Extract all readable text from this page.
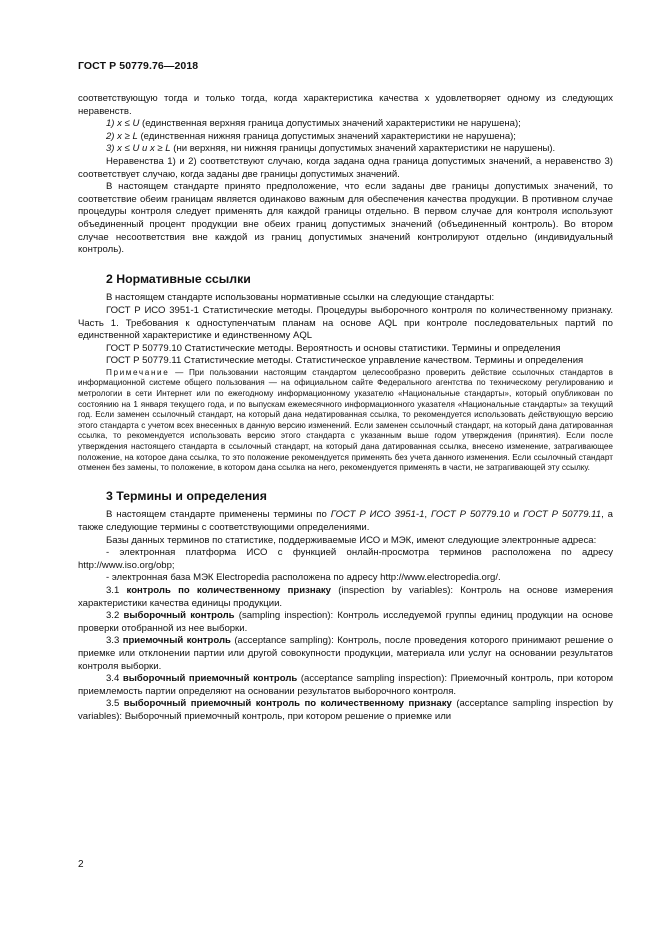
ГОСТ Р 50779.76—2018

соответствующую тогда и только тогда, когда характеристика качества x удовлетворяет одному из следующих неравенств.

1) x ≤ U (единственная верхняя граница допустимых значений характеристики не нарушена);

2) x ≥ L (единственная нижняя граница допустимых значений характеристики не нарушена);

3) x ≤ U и x ≥ L (ни верхняя, ни нижняя границы допустимых значений характеристики не нарушены).

Неравенства 1) и 2) соответствуют случаю, когда задана одна граница допустимых значений, а неравенство 3) соответствует случаю, когда заданы две границы допустимых значений.

В настоящем стандарте принято предположение, что если заданы две границы допустимых значений, то соответствие обеим границам является одинаково важным для обеспечения качества продукции. В противном случае процедуры контроля следует применять для каждой границы отдельно. В первом случае для контроля используют объединенный процент продукции вне обеих границ допустимых значений (объединенный контроль). Во втором случае несоответствия вне каждой из границ допустимых значений контролируют отдельно (индивидуальный контроль).

2 Нормативные ссылки

В настоящем стандарте использованы нормативные ссылки на следующие стандарты:

ГОСТ Р ИСО 3951-1 Статистические методы. Процедуры выборочного контроля по количественному признаку. Часть 1. Требования к одноступенчатым планам на основе AQL при контроле последовательных партий по единственной характеристике и единственному AQL

ГОСТ Р 50779.10 Статистические методы. Вероятность и основы статистики. Термины и определения

ГОСТ Р 50779.11 Статистические методы. Статистическое управление качеством. Термины и определения

Примечание — При пользовании настоящим стандартом целесообразно проверить действие ссылочных стандартов в информационной системе общего пользования — на официальном сайте Федерального агентства по техническому регулированию и метрологии в сети Интернет или по ежегодному информационному указателю «Национальные стандарты», который опубликован по состоянию на 1 января текущего года, и по выпускам ежемесячного информационного указателя «Национальные стандарты» за текущий год. Если заменен ссылочный стандарт, на который дана недатированная ссылка, то рекомендуется использовать действующую версию этого стандарта с учетом всех внесенных в данную версию изменений. Если заменен ссылочный стандарт, на который дана датированная ссылка, то рекомендуется использовать версию этого стандарта с указанным выше годом утверждения (принятия). Если после утверждения настоящего стандарта в ссылочный стандарт, на который дана датированная ссылка, внесено изменение, затрагивающее положение, на которое дана ссылка, то это положение рекомендуется применять без учета данного изменения. Если ссылочный стандарт отменен без замены, то положение, в котором дана ссылка на него, рекомендуется применять в части, не затрагивающей эту ссылку.

3 Термины и определения

В настоящем стандарте применены термины по ГОСТ Р ИСО 3951-1, ГОСТ Р 50779.10 и ГОСТ Р 50779.11, а также следующие термины с соответствующими определениями.

Базы данных терминов по статистике, поддерживаемые ИСО и МЭК, имеют следующие электронные адреса:

- электронная платформа ИСО с функцией онлайн-просмотра терминов расположена по адресу http://www.iso.org/obp;

- электронная база МЭК Electropedia расположена по адресу http://www.electropedia.org/.

3.1 контроль по количественному признаку (inspection by variables): Контроль на основе измерения характеристики качества единицы продукции.

3.2 выборочный контроль (sampling inspection): Контроль исследуемой группы единиц продукции на основе проверки отобранной из нее выборки.

3.3 приемочный контроль (acceptance sampling): Контроль, после проведения которого принимают решение о приемке или отклонении партии или другой совокупности продукции, материала или услуг на основании результатов контроля выборки.

3.4 выборочный приемочный контроль (acceptance sampling inspection): Приемочный контроль, при котором приемлемость партии определяют на основании результатов выборочного контроля.

3.5 выборочный приемочный контроль по количественному признаку (acceptance sampling inspection by variables): Выборочный приемочный контроль, при котором решение о приемке или

2
